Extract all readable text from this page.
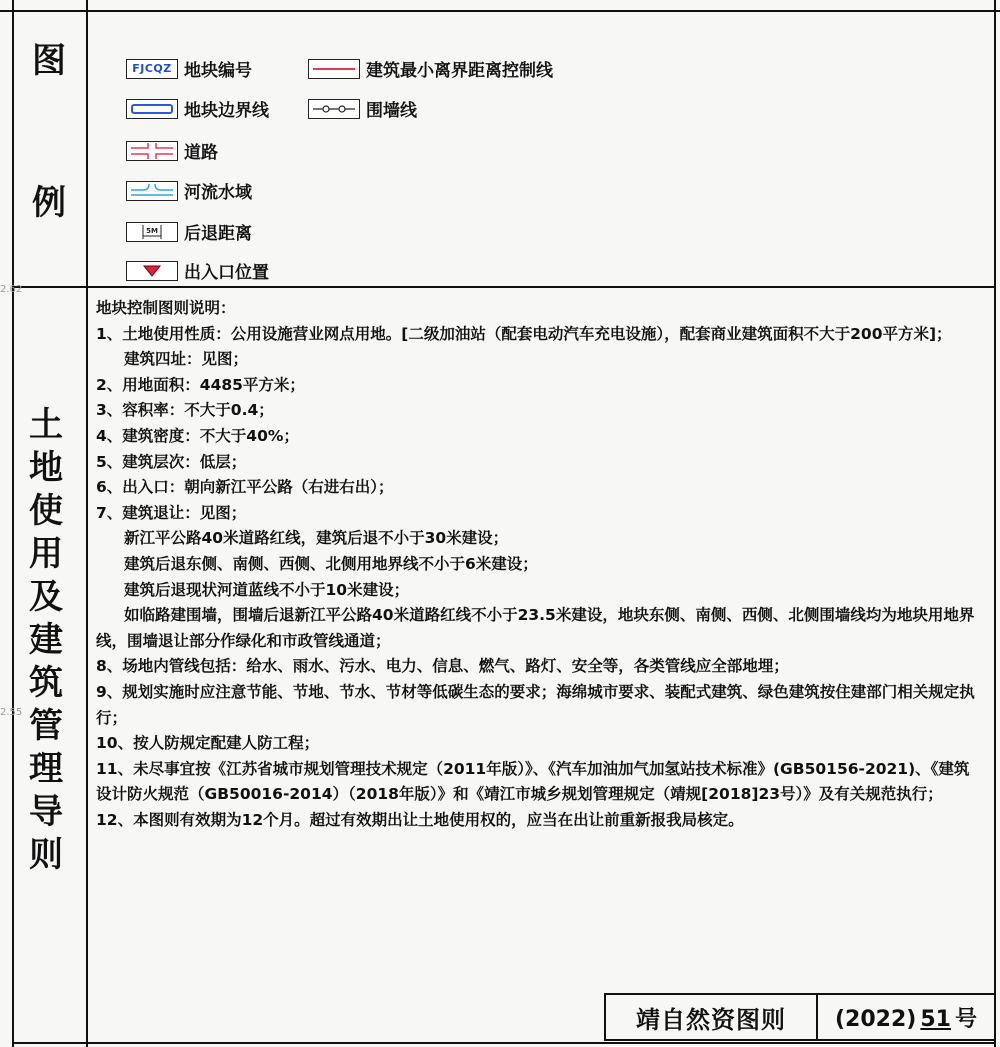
图
例
土
地
使
用
及
建
筑
管
理
导
则
2.62
2.55
FJCQZ 地块编号
地块边界线
道路
河流水域
5M 后退距离
出入口位置
建筑最小离界距离控制线
围墙线

地块控制图则说明：

1、土地使用性质：公用设施营业网点用地。[二级加油站（配套电动汽车充电设施），配套商业建筑面积不大于200平方米]；

建筑四址：见图；

2、用地面积：4485平方米；

3、容积率：不大于0.4；

4、建筑密度：不大于40%；

5、建筑层次：低层；

6、出入口：朝向新江平公路（右进右出）；

7、建筑退让：见图；

新江平公路40米道路红线，建筑后退不小于30米建设；

建筑后退东侧、南侧、西侧、北侧用地界线不小于6米建设；

建筑后退现状河道蓝线不小于10米建设；

如临路建围墙，围墙后退新江平公路40米道路红线不小于23.5米建设，地块东侧、南侧、西侧、北侧围墙线均为地块用地界线，围墙退让部分作绿化和市政管线通道；

8、场地内管线包括：给水、雨水、污水、电力、信息、燃气、路灯、安全等，各类管线应全部地埋；

9、规划实施时应注意节能、节地、节水、节材等低碳生态的要求；海绵城市要求、装配式建筑、绿色建筑按住建部门相关规定执行；

10、按人防规定配建人防工程；

11、未尽事宜按《江苏省城市规划管理技术规定（2011年版）》、《汽车加油加气加氢站技术标准》(GB50156-2021)、《建筑设计防火规范（GB50016-2014）（2018年版）》和《靖江市城乡规划管理规定（靖规[2018]23号）》及有关规范执行；

12、本图则有效期为12个月。超过有效期出让土地使用权的，应当在出让前重新报我局核定。

靖自然资图则 (2022) 51 号
